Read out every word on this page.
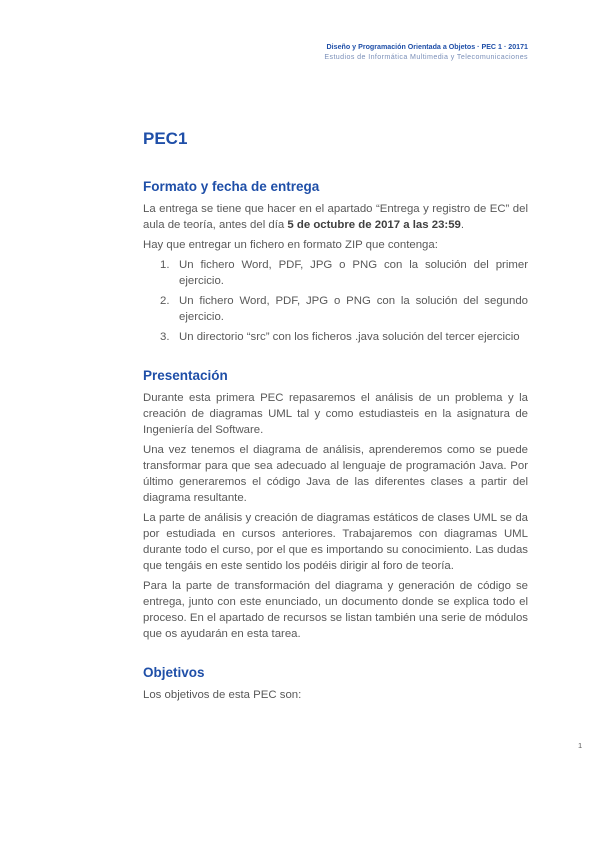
Diseño y Programación Orientada a Objetos · PEC 1 · 20171 Estudios de Informática Multimedia y Telecomunicaciones
PEC1
Formato y fecha de entrega

La entrega se tiene que hacer en el apartado “Entrega y registro de EC” del aula de teoría, antes del día 5 de octubre de 2017 a las 23:59.

Hay que entregar un fichero en formato ZIP que contenga:

1. Un fichero Word, PDF, JPG o PNG con la solución del primer ejercicio.
2. Un fichero Word, PDF, JPG o PNG con la solución del segundo ejercicio.
3. Un directorio “src” con los ficheros .java solución del tercer ejercicio
Presentación

Durante esta primera PEC repasaremos el análisis de un problema y la creación de diagramas UML tal y como estudiasteis en la asignatura de Ingeniería del Software.

Una vez tenemos el diagrama de análisis, aprenderemos como se puede transformar para que sea adecuado al lenguaje de programación Java. Por último generaremos el código Java de las diferentes clases a partir del diagrama resultante.

La parte de análisis y creación de diagramas estáticos de clases UML se da por estudiada en cursos anteriores. Trabajaremos con diagramas UML durante todo el curso, por el que es importando su conocimiento. Las dudas que tengáis en este sentido los podéis dirigir al foro de teoría.

Para la parte de transformación del diagrama y generación de código se entrega, junto con este enunciado, un documento donde se explica todo el proceso. En el apartado de recursos se listan también una serie de módulos que os ayudarán en esta tarea.

Objetivos

Los objetivos de esta PEC son:

1
